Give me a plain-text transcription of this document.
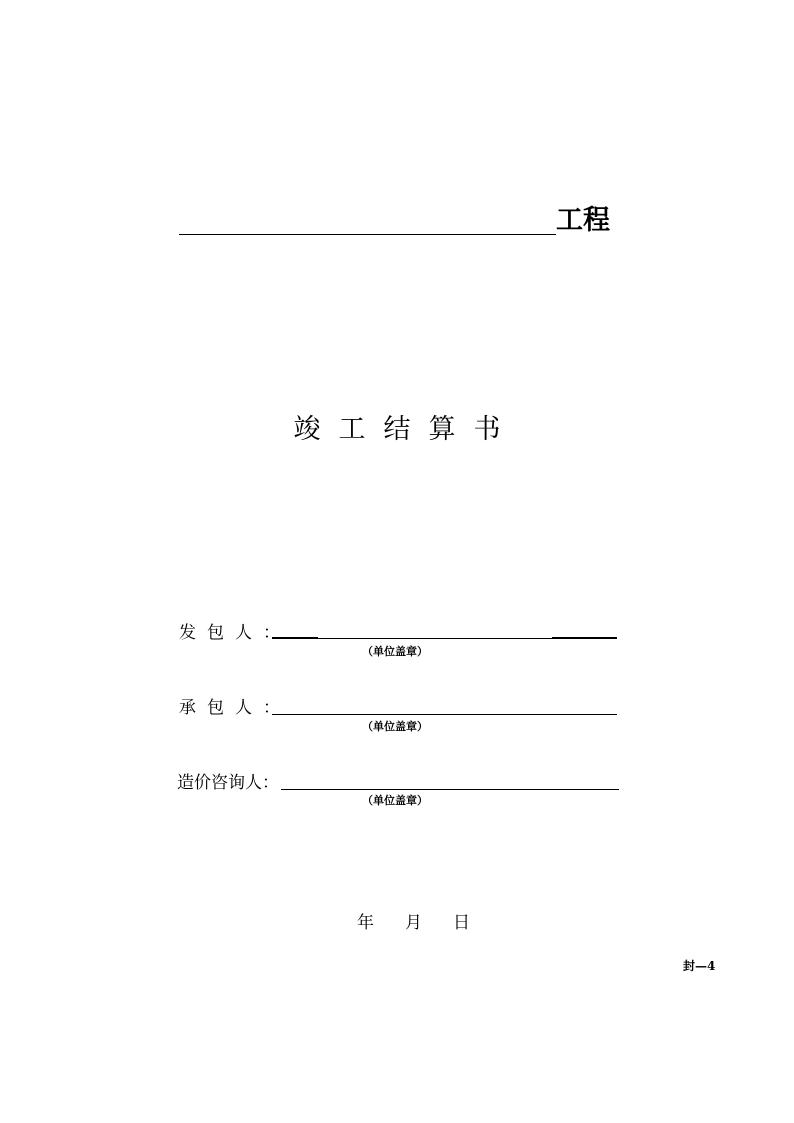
工程
竣工结算书
发包人：
（单位盖章）
承包人：
（单位盖章）
造价咨询人：
（单位盖章）
年 月 日
封—4
